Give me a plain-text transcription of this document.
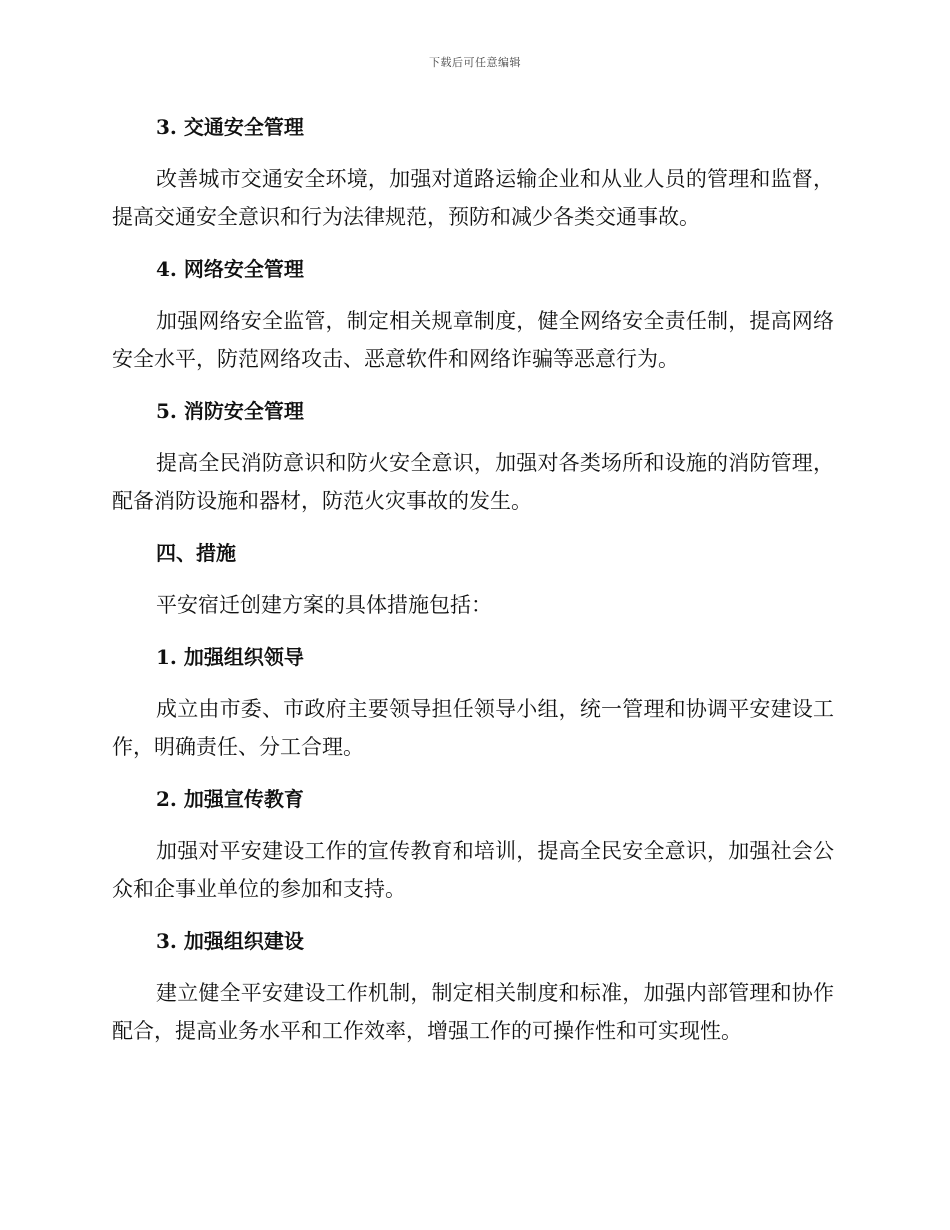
下载后可任意编辑
3. 交通安全管理

改善城市交通安全环境，加强对道路运输企业和从业人员的管理和监督，提高交通安全意识和行为法律规范，预防和减少各类交通事故。

4. 网络安全管理

加强网络安全监管，制定相关规章制度，健全网络安全责任制，提高网络安全水平，防范网络攻击、恶意软件和网络诈骗等恶意行为。

5. 消防安全管理

提高全民消防意识和防火安全意识，加强对各类场所和设施的消防管理，配备消防设施和器材，防范火灾事故的发生。

四、措施

平安宿迁创建方案的具体措施包括：

1. 加强组织领导

成立由市委、市政府主要领导担任领导小组，统一管理和协调平安建设工作，明确责任、分工合理。

2. 加强宣传教育

加强对平安建设工作的宣传教育和培训，提高全民安全意识，加强社会公众和企事业单位的参加和支持。

3. 加强组织建设

建立健全平安建设工作机制，制定相关制度和标准，加强内部管理和协作配合，提高业务水平和工作效率，增强工作的可操作性和可实现性。
